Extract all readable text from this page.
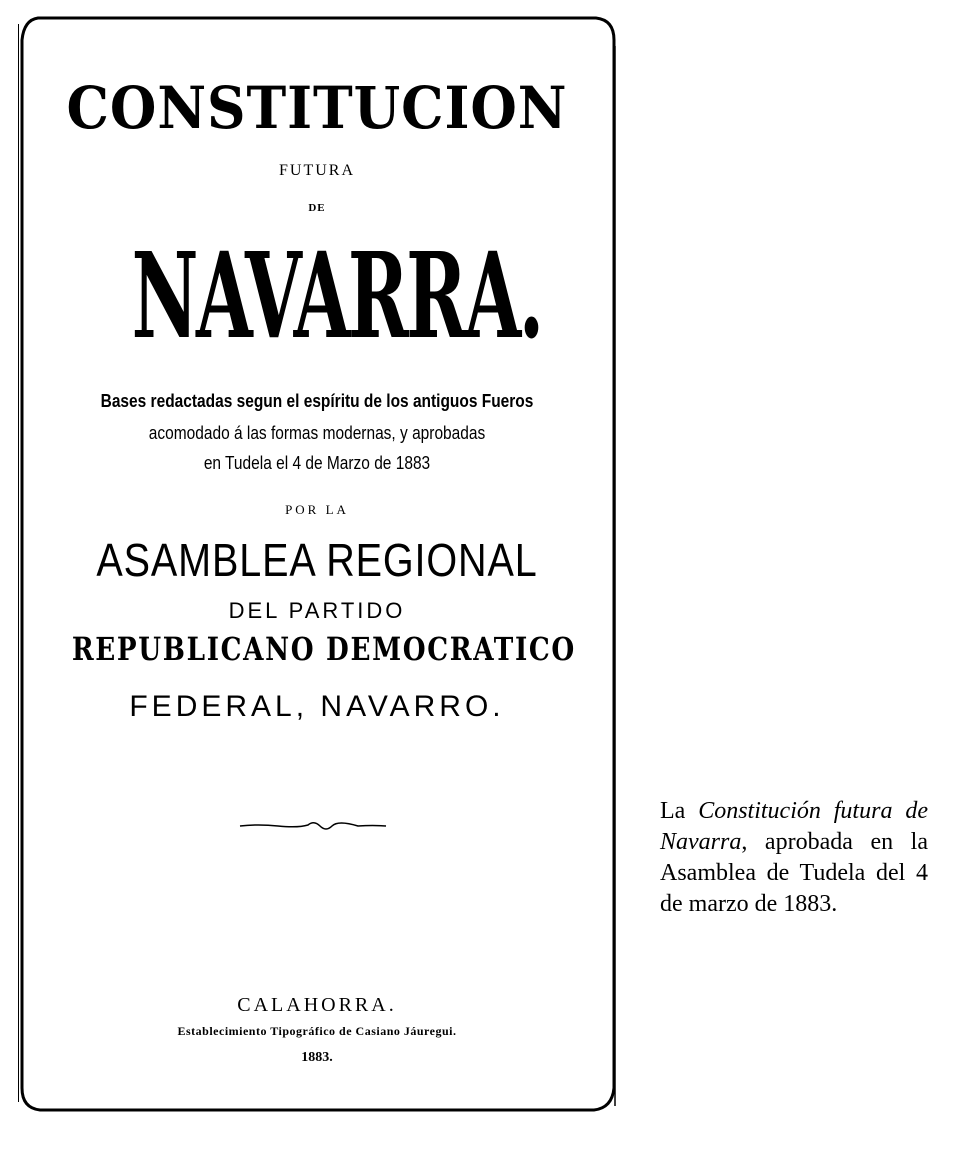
CONSTITUCION
FUTURA
DE
NAVARRA.
Bases redactadas segun el espíritu de los antiguos Fueros
acomodado á las formas modernas, y aprobadas
en Tudela el 4 de Marzo de 1883
POR LA
ASAMBLEA REGIONAL
DEL PARTIDO
REPUBLICANO DEMOCRATICO
FEDERAL, NAVARRO.
CALAHORRA.
Establecimiento Tipográfico de Casiano Jáuregui.
1883.
La Constitución futura de Navarra, aprobada en la Asamblea de Tudela del 4 de marzo de 1883.
